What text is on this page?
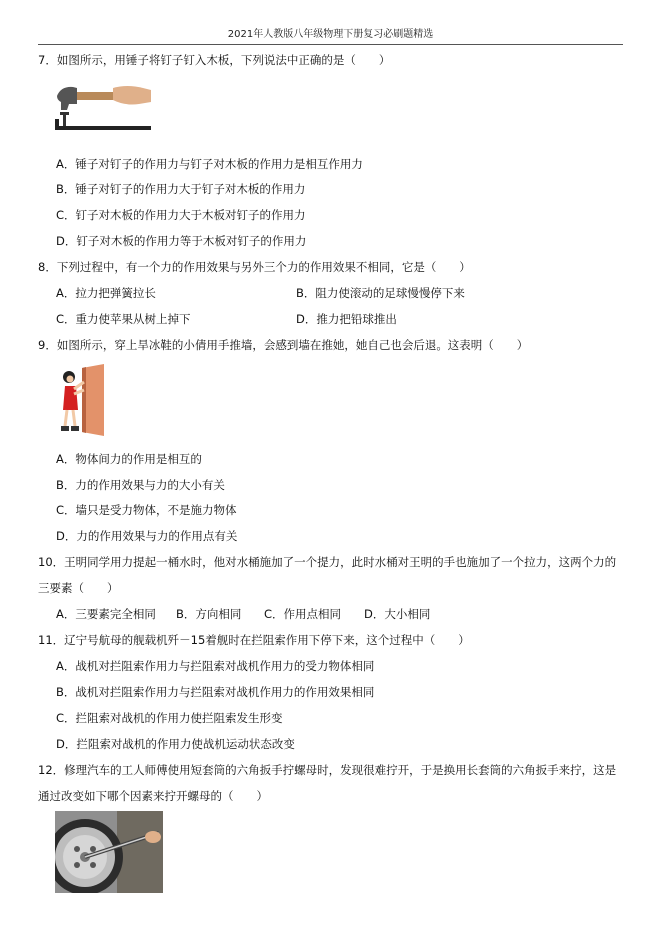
2021年人教版八年级物理下册复习必刷题精选
7．如图所示，用锤子将钉子钉入木板，下列说法中正确的是（　　）
A．锤子对钉子的作用力与钉子对木板的作用力是相互作用力
B．锤子对钉子的作用力大于钉子对木板的作用力
C．钉子对木板的作用力大于木板对钉子的作用力
D．钉子对木板的作用力等于木板对钉子的作用力
8．下列过程中，有一个力的作用效果与另外三个力的作用效果不相同，它是（　　）
A．拉力把弹簧拉长	B．阻力使滚动的足球慢慢停下来
C．重力使苹果从树上掉下	D．推力把铅球推出
9．如图所示，穿上旱冰鞋的小倩用手推墙，会感到墙在推她，她自己也会后退。这表明（　　）
A．物体间力的作用是相互的
B．力的作用效果与力的大小有关
C．墙只是受力物体，不是施力物体
D．力的作用效果与力的作用点有关
10．王明同学用力提起一桶水时，他对水桶施加了一个提力，此时水桶对王明的手也施加了一个拉力，这两个力的
三要素（　　）
A．三要素完全相同 B．方向相同 C．作用点相同 D．大小相同
11．辽宁号航母的舰载机歼－15着舰时在拦阻索作用下停下来，这个过程中（　　）
A．战机对拦阻索作用力与拦阻索对战机作用力的受力物体相同
B．战机对拦阻索作用力与拦阻索对战机作用力的作用效果相同
C．拦阻索对战机的作用力使拦阻索发生形变
D．拦阻索对战机的作用力使战机运动状态改变
12．修理汽车的工人师傅使用短套筒的六角扳手拧螺母时，发现很难拧开，于是换用长套筒的六角扳手来拧，这是
通过改变如下哪个因素来拧开螺母的（　　）
